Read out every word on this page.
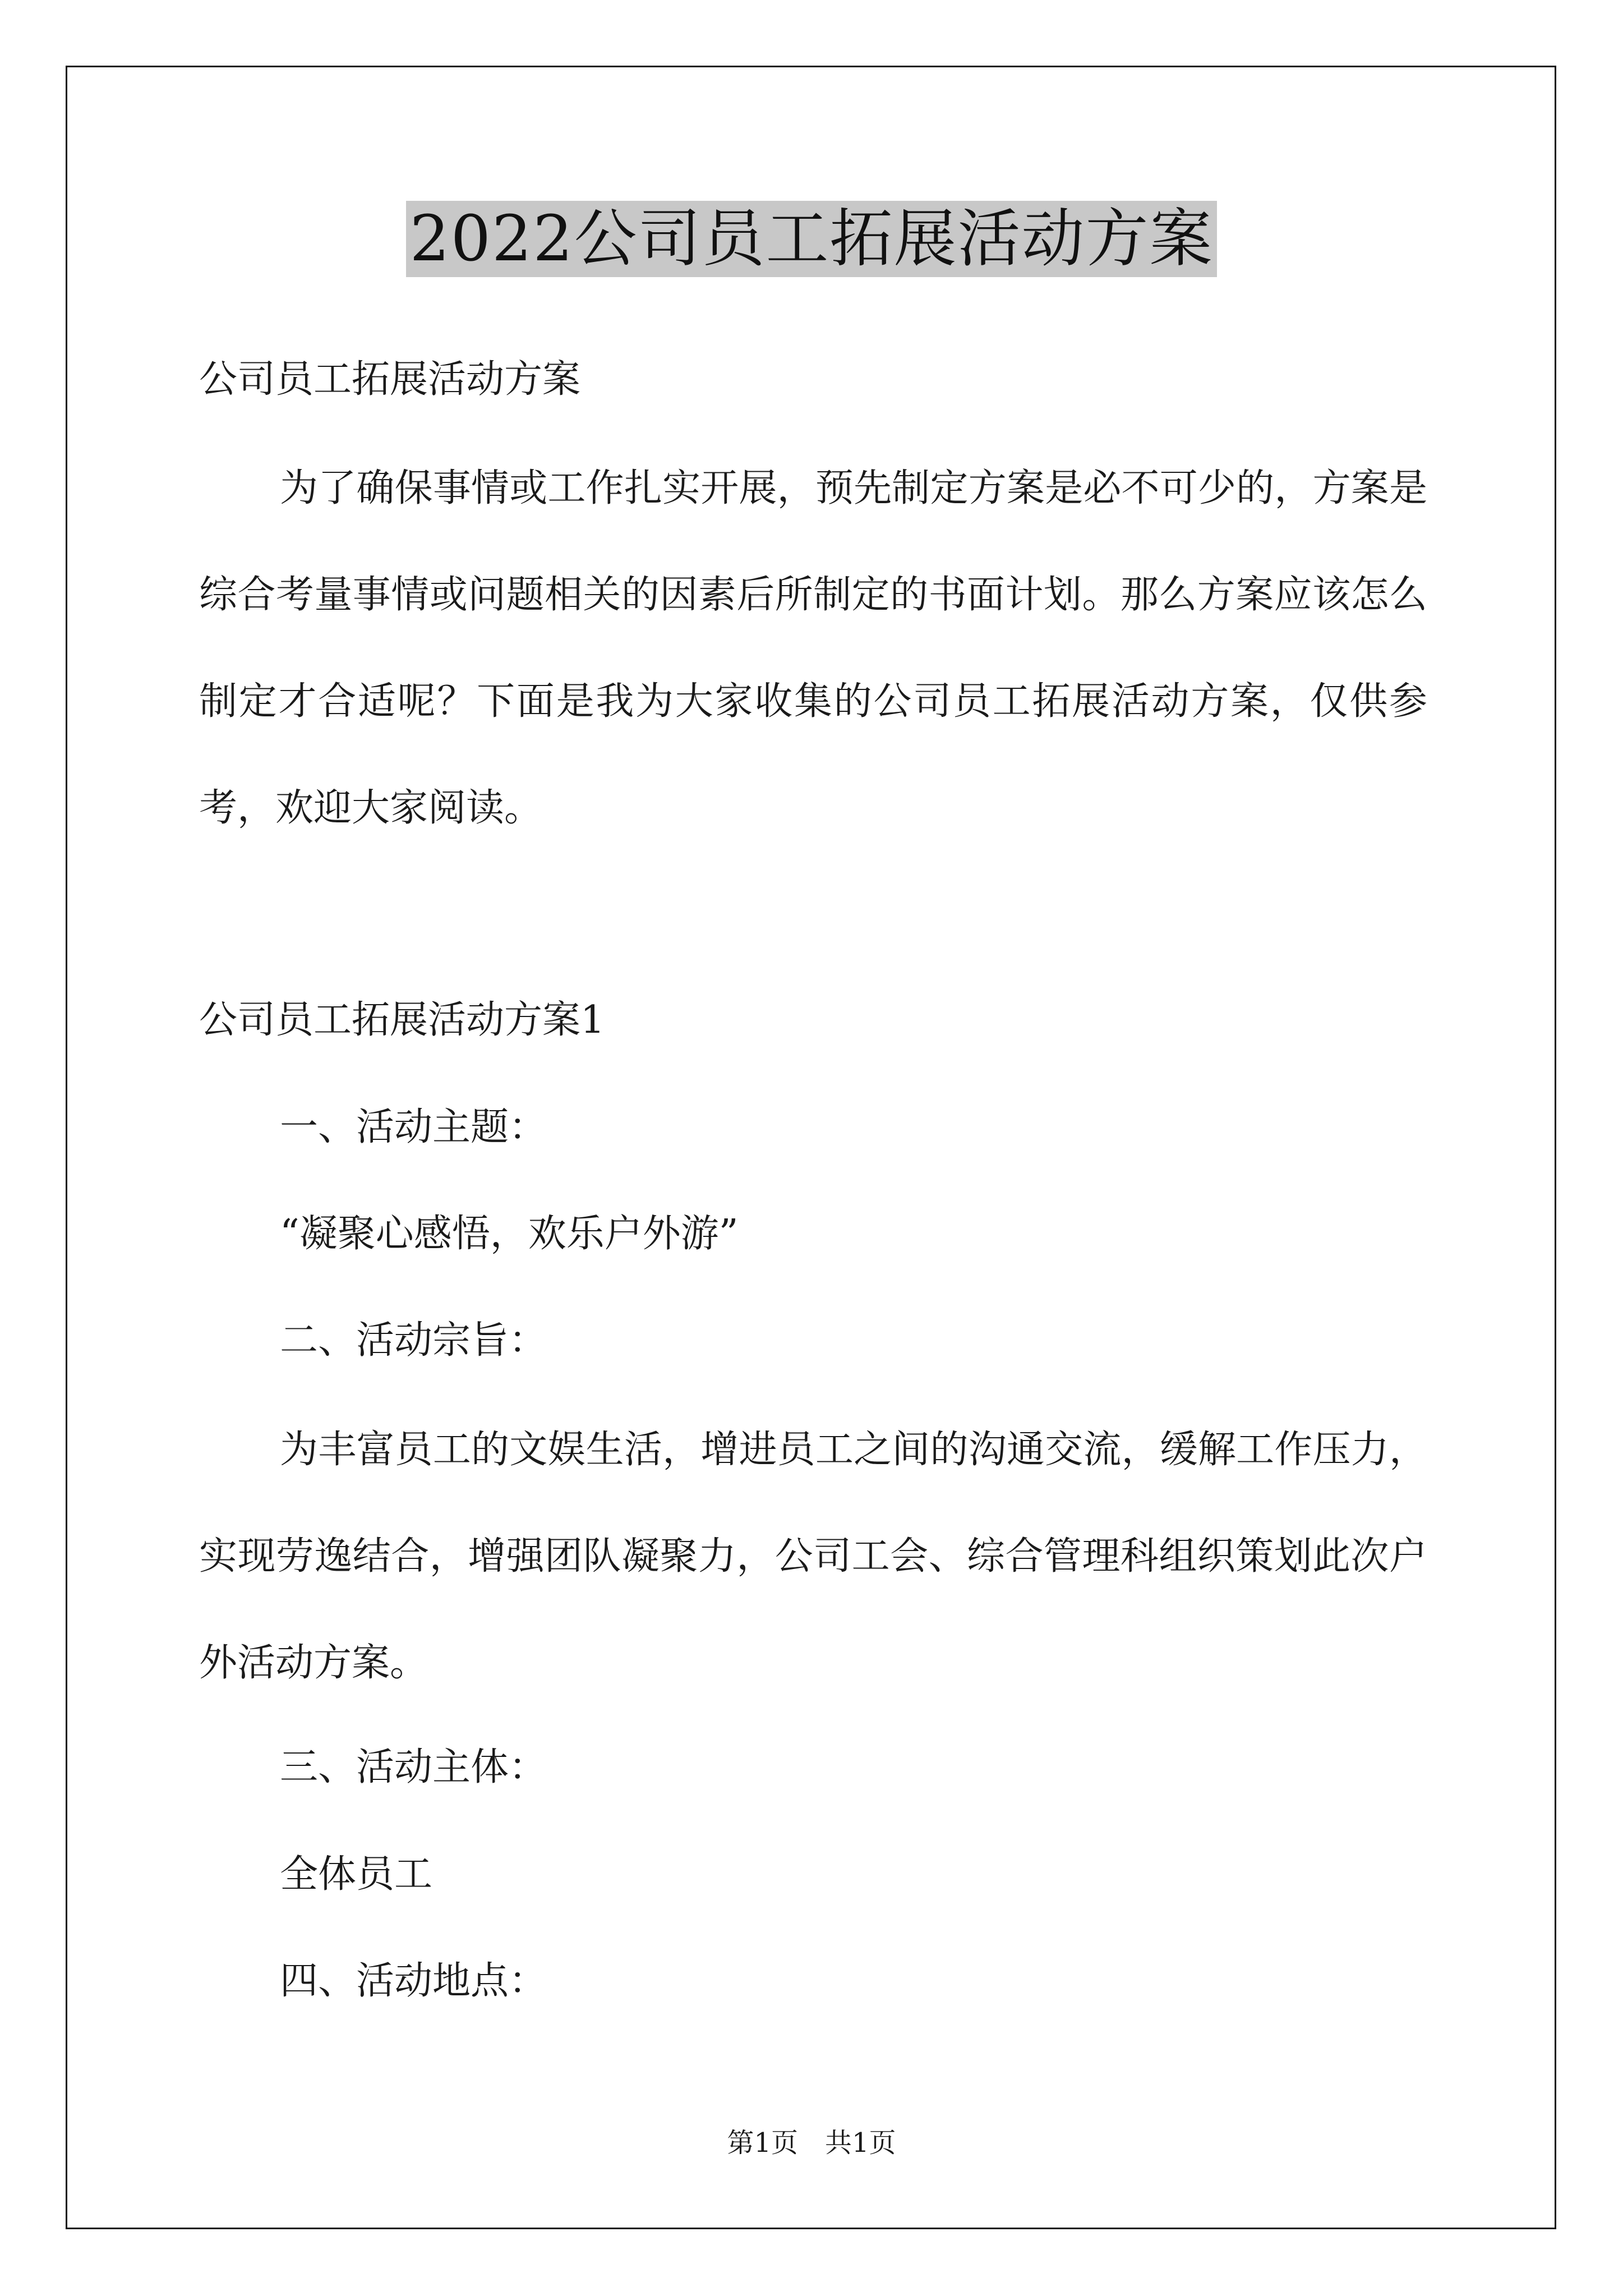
2022公司员工拓展活动方案
公司员工拓展活动方案

为了确保事情或工作扎实开展，预先制定方案是必不可少的，方案是综合考量事情或问题相关的因素后所制定的书面计划。那么方案应该怎么制定才合适呢？下面是我为大家收集的公司员工拓展活动方案，仅供参考，欢迎大家阅读。

公司员工拓展活动方案1
一、活动主题：
“凝聚心感悟，欢乐户外游”
二、活动宗旨：

为丰富员工的文娱生活，增进员工之间的沟通交流，缓解工作压力，实现劳逸结合，增强团队凝聚力，公司工会、综合管理科组织策划此次户外活动方案。

三、活动主体：
全体员工
四、活动地点：
第1页 共1页
